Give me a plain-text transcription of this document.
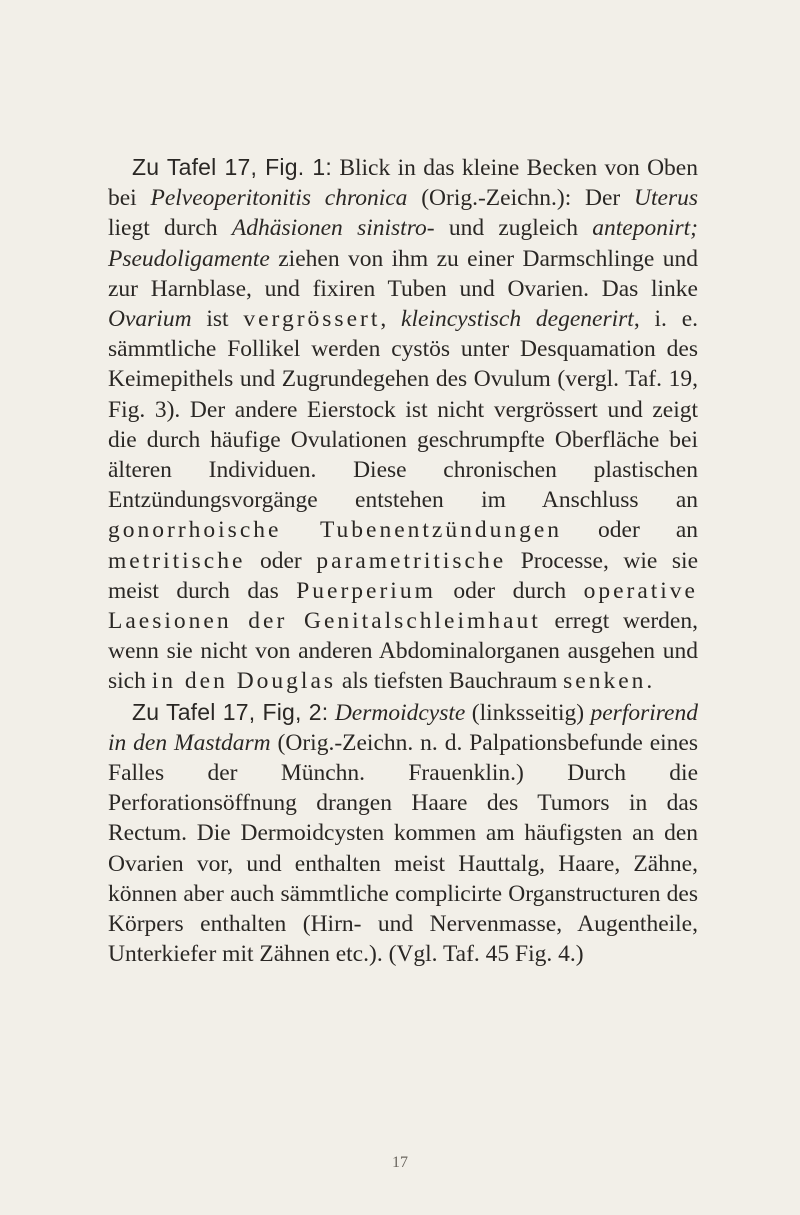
Zu Tafel 17, Fig. 1: Blick in das kleine Becken von Oben bei Pelveoperitonitis chronica (Orig.-Zeichn.): Der Uterus liegt durch Adhäsionen sinistro- und zugleich anteponirt; Pseudoligamente ziehen von ihm zu einer Darmschlinge und zur Harnblase, und fixiren Tuben und Ovarien. Das linke Ovarium ist vergrössert, kleincystisch degenerirt, i. e. sämmtliche Follikel werden cystös unter Desquamation des Keimepithels und Zugrundegehen des Ovulum (vergl. Taf. 19, Fig. 3). Der andere Eierstock ist nicht vergrössert und zeigt die durch häufige Ovulationen geschrumpfte Oberfläche bei älteren Individuen. Diese chronischen plastischen Entzündungsvorgänge entstehen im Anschluss an gonorrhoische Tubenentzündungen oder an metritische oder parametritische Processe, wie sie meist durch das Puerperium oder durch operative Laesionen der Genitalschleimhaut erregt werden, wenn sie nicht von anderen Abdominalorganen ausgehen und sich in den Douglas als tiefsten Bauchraum senken.

Zu Tafel 17, Fig, 2: Dermoidcyste (linksseitig) perforirend in den Mastdarm (Orig.-Zeichn. n. d. Palpationsbefunde eines Falles der Münchn. Frauenklin.) Durch die Perforationsöffnung drangen Haare des Tumors in das Rectum. Die Dermoidcysten kommen am häufigsten an den Ovarien vor, und enthalten meist Hauttalg, Haare, Zähne, können aber auch sämmtliche complicirte Organstructuren des Körpers enthalten (Hirn- und Nervenmasse, Augentheile, Unterkiefer mit Zähnen etc.). (Vgl. Taf. 45 Fig. 4.)

17
